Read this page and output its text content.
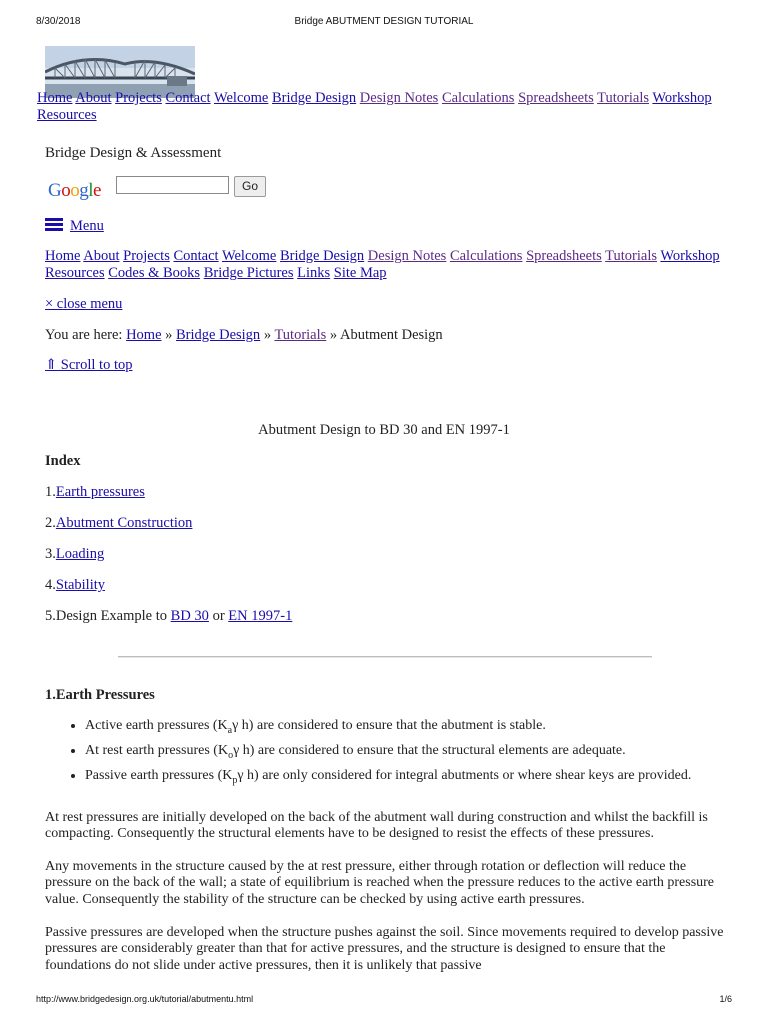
8/30/2018	Bridge ABUTMENT DESIGN TUTORIAL
Home About Projects Contact Welcome Bridge Design Design Notes Calculations Spreadsheets Tutorials Workshop Resources
Bridge Design & Assessment
Google	Go
Menu
Home About Projects Contact Welcome Bridge Design Design Notes Calculations Spreadsheets Tutorials Workshop Resources Codes & Books Bridge Pictures Links Site Map
× close menu
You are here: Home » Bridge Design » Tutorials » Abutment Design
⇑ Scroll to top
Abutment Design to BD 30 and EN 1997-1
Index
1.Earth pressures
2.Abutment Construction
3.Loading
4.Stability
5.Design Example to BD 30 or EN 1997-1
1.Earth Pressures
• Active earth pressures ($K_a\gamma$ h) are considered to ensure that the abutment is stable.
• At rest earth pressures ($K_o\gamma$ h) are considered to ensure that the structural elements are adequate.
• Passive earth pressures ($K_p\gamma$ h) are only considered for integral abutments or where shear keys are provided.
At rest pressures are initially developed on the back of the abutment wall during construction and whilst the backfill is compacting. Consequently the structural elements have to be designed to resist the effects of these pressures.
Any movements in the structure caused by the at rest pressure, either through rotation or deflection will reduce the pressure on the back of the wall; a state of equilibrium is reached when the pressure reduces to the active earth pressure value. Consequently the stability of the structure can be checked by using active earth pressures.
Passive pressures are developed when the structure pushes against the soil. Since movements required to develop passive pressures are considerably greater than that for active pressures, and the structure is designed to ensure that the foundations do not slide under active pressures, then it is unlikely that passive
http://www.bridgedesign.org.uk/tutorial/abutmentu.html	1/6
